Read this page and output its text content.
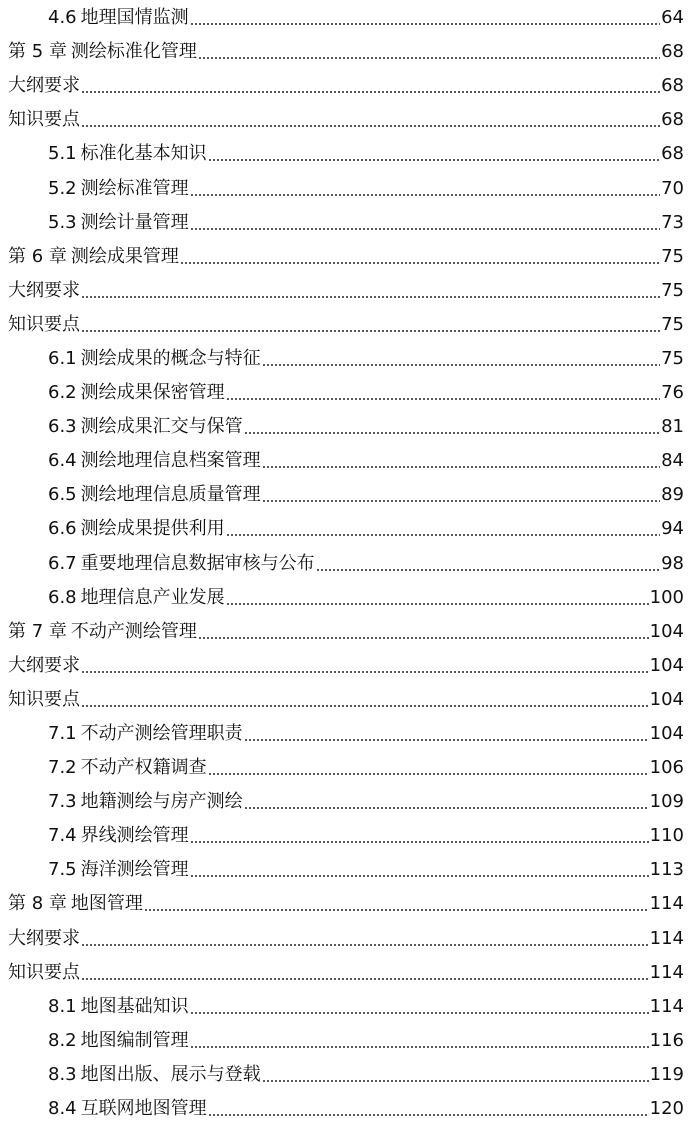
4.6 地理国情监测	64
第 5 章 测绘标准化管理	68
大纲要求	68
知识要点	68
5.1 标准化基本知识	68
5.2 测绘标准管理	70
5.3 测绘计量管理	73
第 6 章 测绘成果管理	75
大纲要求	75
知识要点	75
6.1 测绘成果的概念与特征	75
6.2 测绘成果保密管理	76
6.3 测绘成果汇交与保管	81
6.4 测绘地理信息档案管理	84
6.5 测绘地理信息质量管理	89
6.6 测绘成果提供利用	94
6.7 重要地理信息数据审核与公布	98
6.8 地理信息产业发展	100
第 7 章 不动产测绘管理	104
大纲要求	104
知识要点	104
7.1 不动产测绘管理职责	104
7.2 不动产权籍调查	106
7.3 地籍测绘与房产测绘	109
7.4 界线测绘管理	110
7.5 海洋测绘管理	113
第 8 章 地图管理	114
大纲要求	114
知识要点	114
8.1 地图基础知识	114
8.2 地图编制管理	116
8.3 地图出版、展示与登载	119
8.4 互联网地图管理	120
